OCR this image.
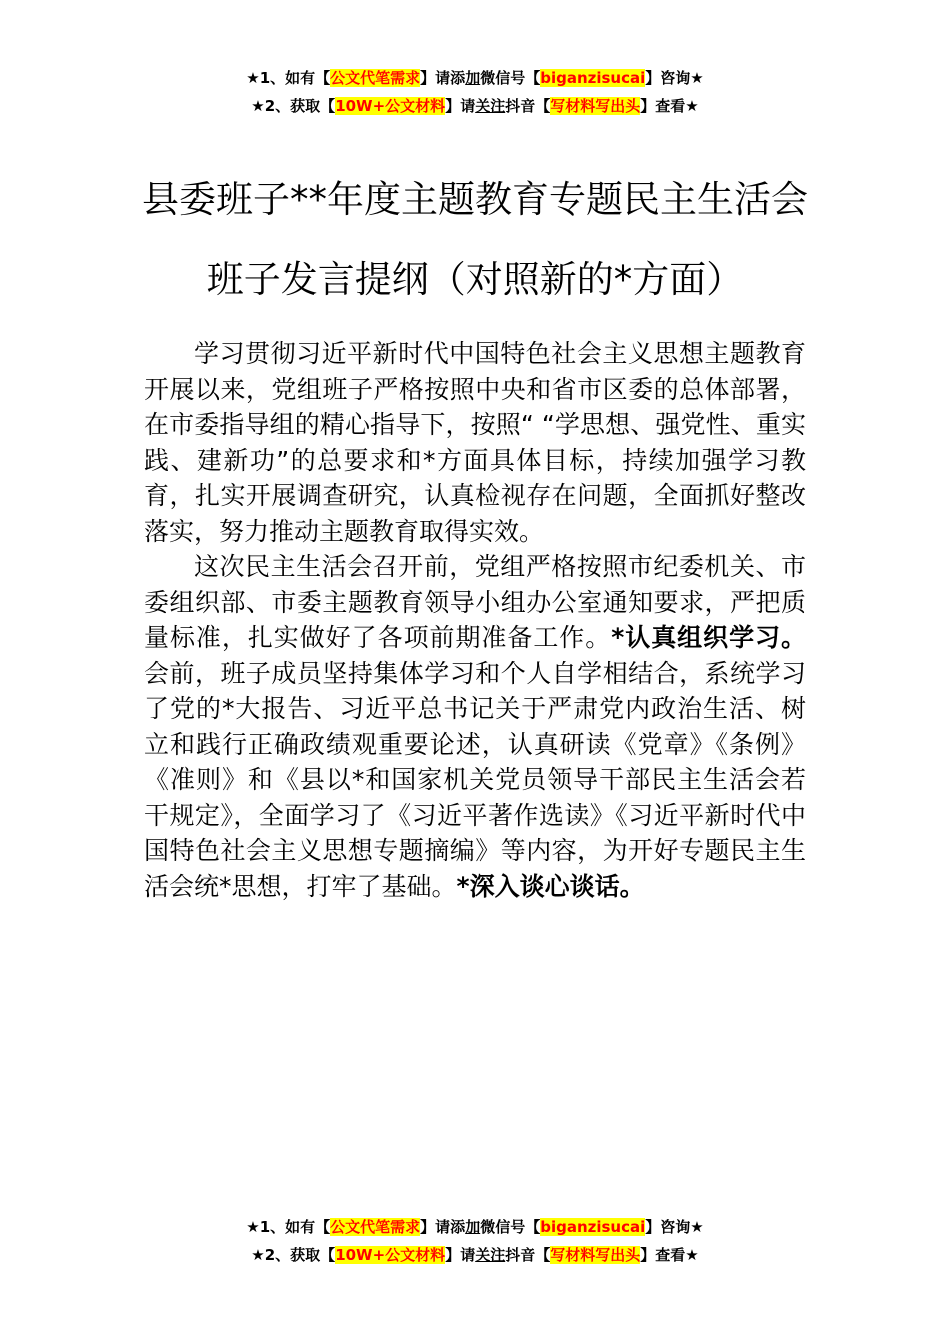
★1、如有【公文代笔需求】请添加微信号【biganzisucai】咨询★
★2、获取【10W+公文材料】请关注抖音【写材料写出头】查看★
县委班子**年度主题教育专题民主生活会
班子发言提纲（对照新的*方面）

学习贯彻习近平新时代中国特色社会主义思想主题教育开展以来，党组班子严格按照中央和省市区委的总体部署，在市委指导组的精心指导下，按照“ “学思想、强党性、重实践、建新功”的总要求和*方面具体目标，持续加强学习教育，扎实开展调查研究，认真检视存在问题，全面抓好整改落实，努力推动主题教育取得实效。

这次民主生活会召开前，党组严格按照市纪委机关、市委组织部、市委主题教育领导小组办公室通知要求，严把质量标准，扎实做好了各项前期准备工作。*认真组织学习。会前，班子成员坚持集体学习和个人自学相结合，系统学习了党的*大报告、习近平总书记关于严肃党内政治生活、树立和践行正确政绩观重要论述，认真研读《党章》《条例》《准则》和《县以*和国家机关党员领导干部民主生活会若干规定》，全面学习了《习近平著作选读》《习近平新时代中国特色社会主义思想专题摘编》等内容，为开好专题民主生活会统*思想，打牢了基础。*深入谈心谈话。

★1、如有【公文代笔需求】请添加微信号【biganzisucai】咨询★
★2、获取【10W+公文材料】请关注抖音【写材料写出头】查看★
